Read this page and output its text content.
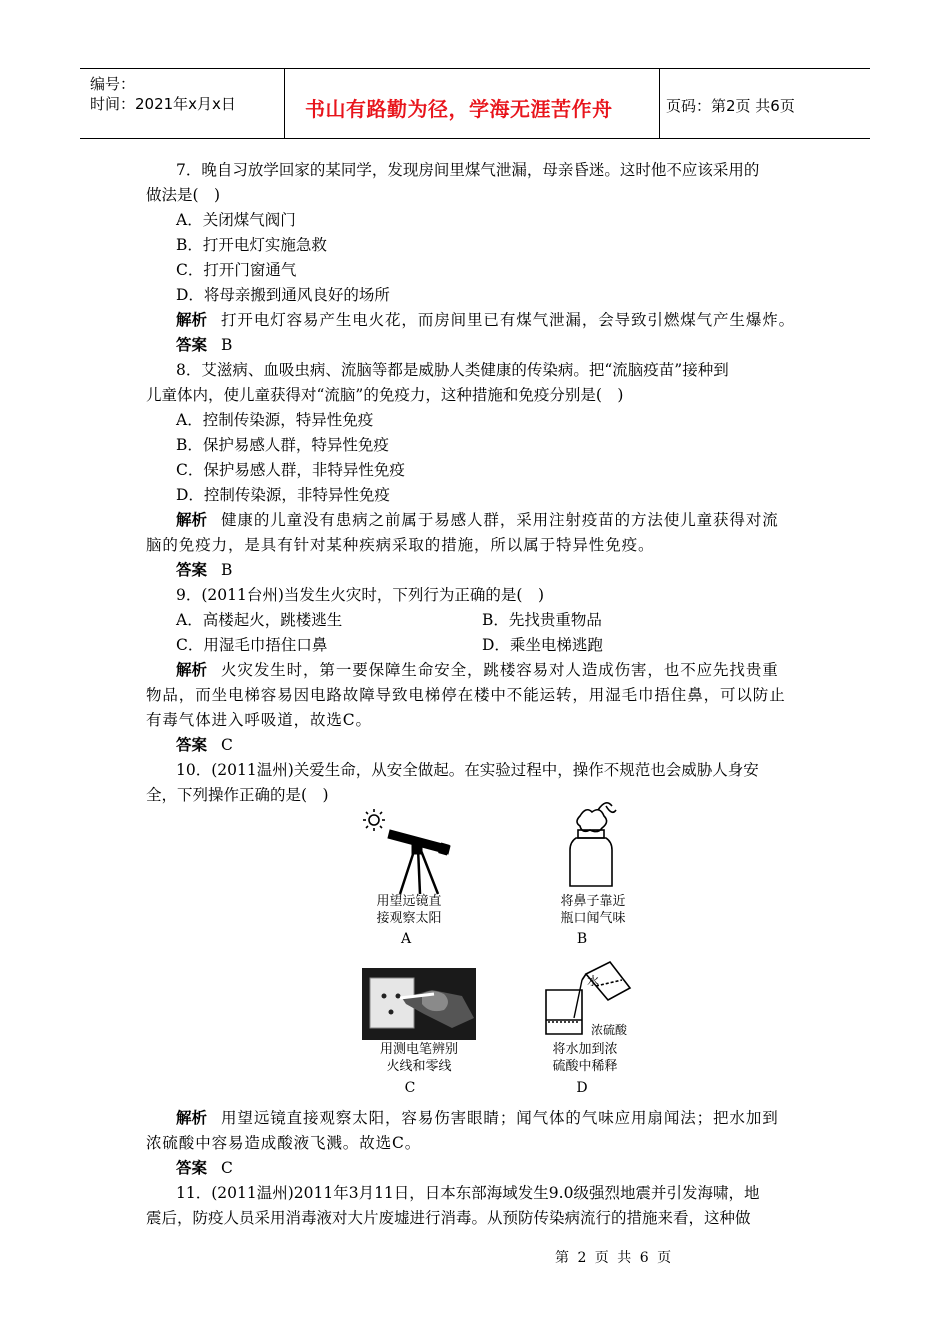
编号：
时间：2021年x月x日	书山有路勤为径，学海无涯苦作舟	页码：第2页 共6页
7．晚自习放学回家的某同学，发现房间里煤气泄漏，母亲昏迷。这时他不应该采用的
做法是(　)
A．关闭煤气阀门
B．打开电灯实施急救
C．打开门窗通气
D．将母亲搬到通风良好的场所
解析 打开电灯容易产生电火花，而房间里已有煤气泄漏，会导致引燃煤气产生爆炸。
答案 B
8．艾滋病、血吸虫病、流脑等都是威胁人类健康的传染病。把“流脑疫苗”接种到
儿童体内，使儿童获得对“流脑”的免疫力，这种措施和免疫分别是(　)
A．控制传染源，特异性免疫
B．保护易感人群，特异性免疫
C．保护易感人群，非特异性免疫
D．控制传染源，非特异性免疫
解析 健康的儿童没有患病之前属于易感人群，采用注射疫苗的方法使儿童获得对流
脑的免疫力，是具有针对某种疾病采取的措施，所以属于特异性免疫。
答案 B
9．(2011台州)当发生火灾时，下列行为正确的是(　)
A．高楼起火，跳楼逃生	B．先找贵重物品
C．用湿毛巾捂住口鼻	D．乘坐电梯逃跑
解析 火灾发生时，第一要保障生命安全，跳楼容易对人造成伤害，也不应先找贵重
物品，而坐电梯容易因电路故障导致电梯停在楼中不能运转，用湿毛巾捂住鼻，可以防止
有毒气体进入呼吸道，故选C。
答案 C
10．(2011温州)关爱生命，从安全做起。在实验过程中，操作不规范也会威胁人身安
全，下列操作正确的是(　)
用望远镜直
接观察太阳
A
将鼻子靠近
瓶口闻气味
B
用测电笔辨别
火线和零线
C
水
浓硫酸
将水加到浓
硫酸中稀释
D
解析 用望远镜直接观察太阳，容易伤害眼睛；闻气体的气味应用扇闻法；把水加到
浓硫酸中容易造成酸液飞溅。故选C。
答案 C
11．(2011温州)2011年3月11日，日本东部海域发生9.0级强烈地震并引发海啸，地
震后，防疫人员采用消毒液对大片废墟进行消毒。从预防传染病流行的措施来看，这种做
第 2 页 共 6 页
